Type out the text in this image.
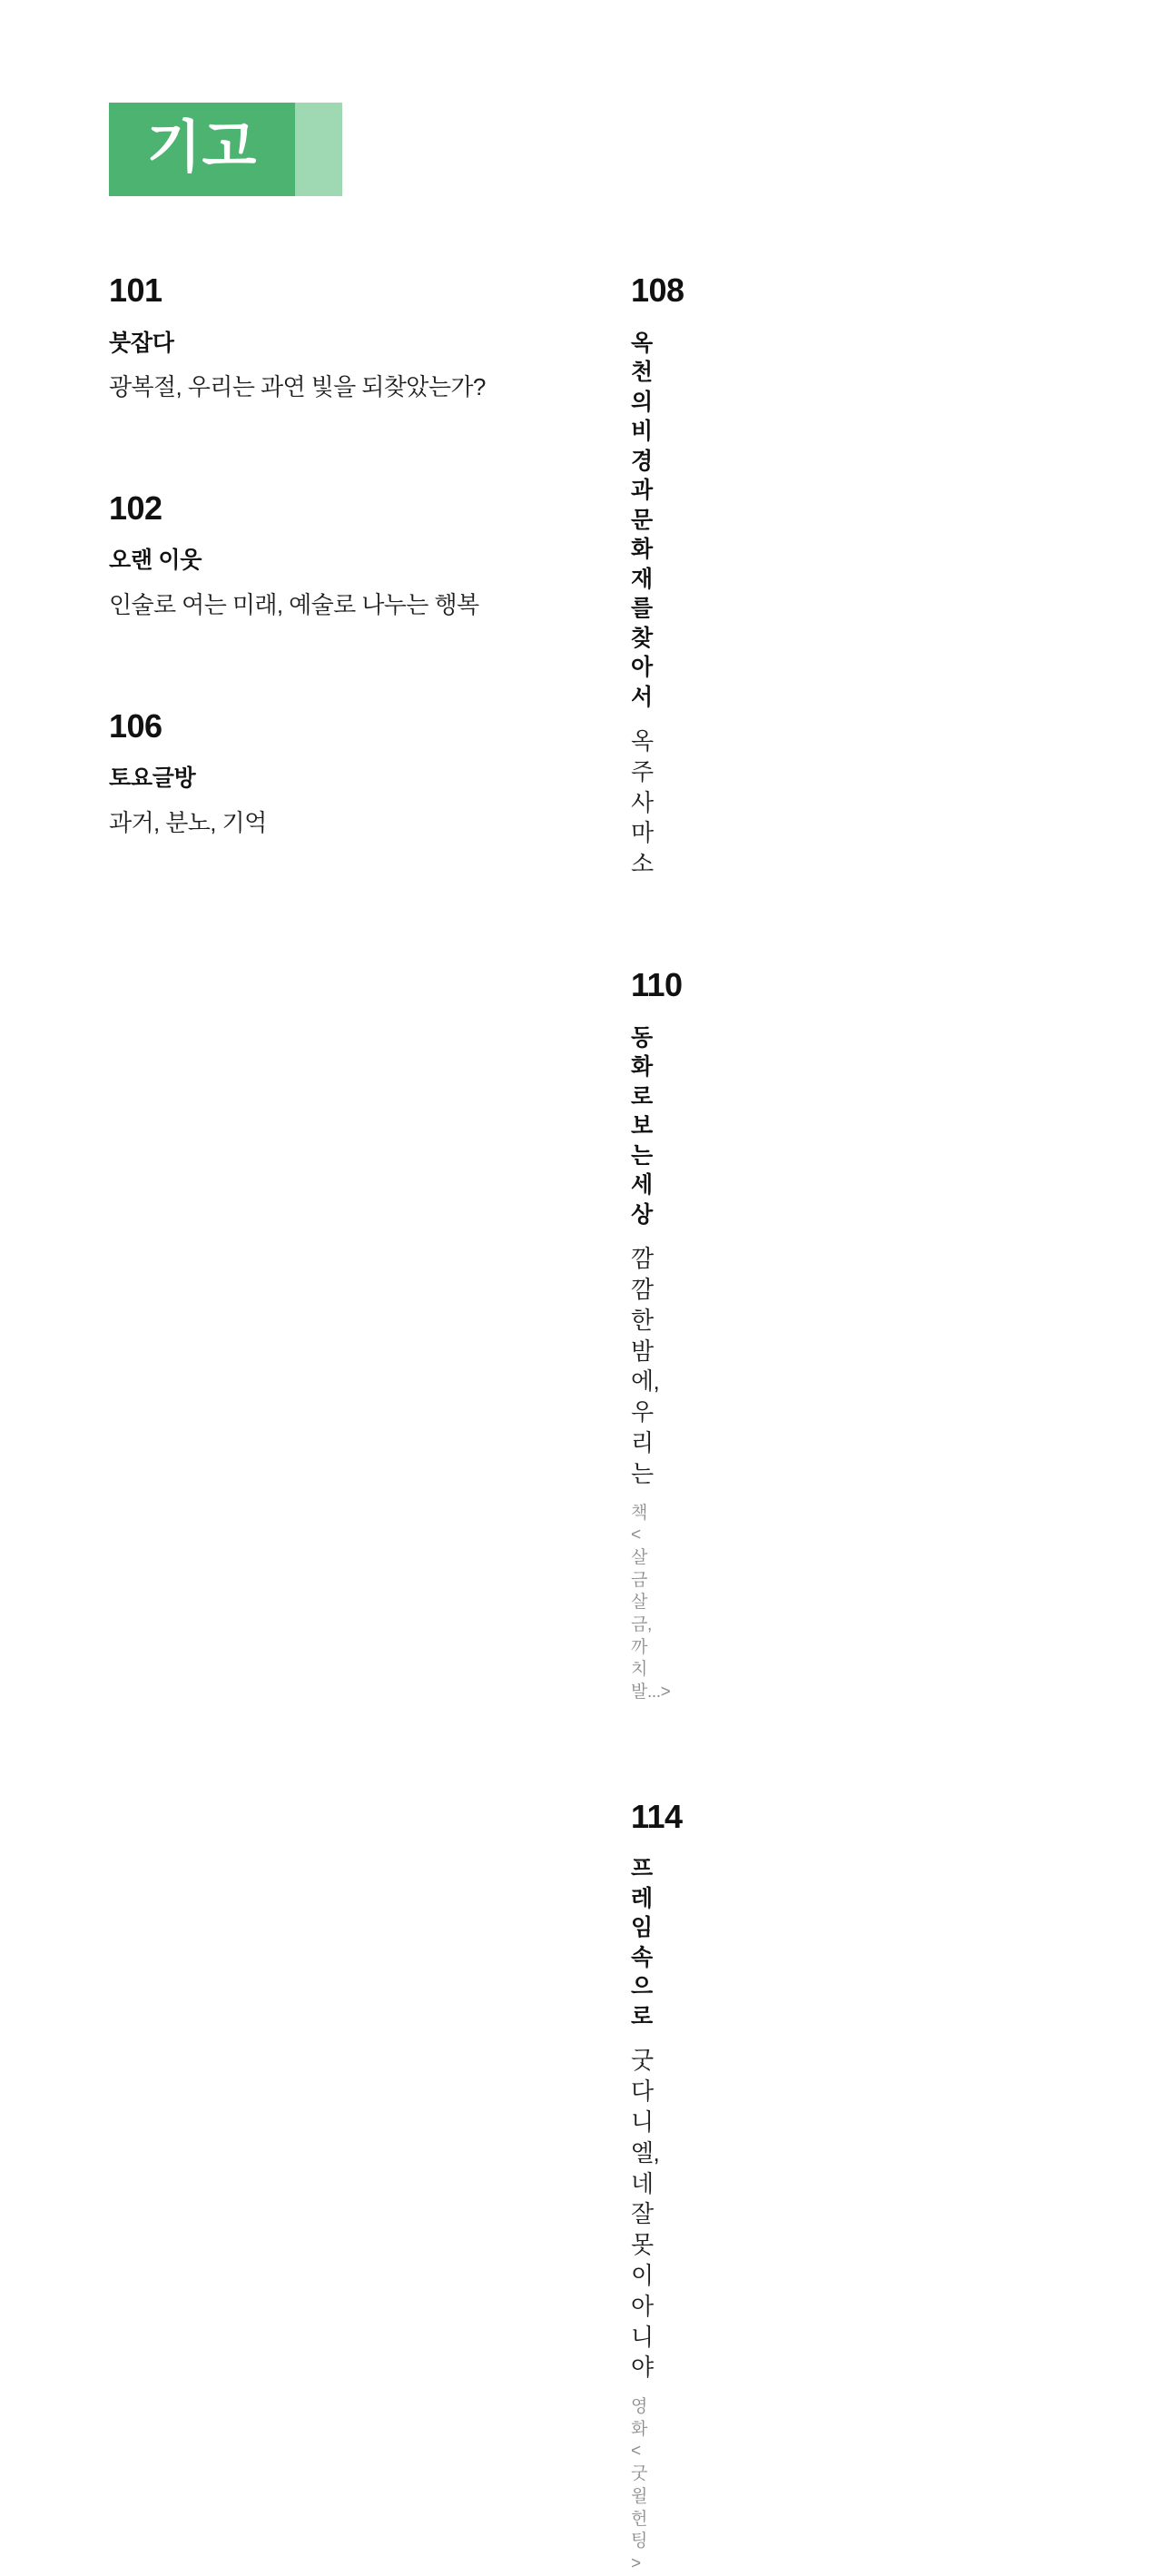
기고
101
붓잡다
광복절, 우리는 과연 빛을 되찾았는가?
102
오랜 이웃
인술로 여는 미래, 예술로 나누는 행복
106
토요글방
과거, 분노, 기억
108
옥천의 비경과 문화재를 찾아서
옥주사마소
110
동화로 보는 세상
깜깜한 밤에, 우리는
책 <살금살금, 까치발...>
114
프레임 속으로
굿 다니엘, 네 잘못이 아니야
영화 <굿 윌 헌팅>
